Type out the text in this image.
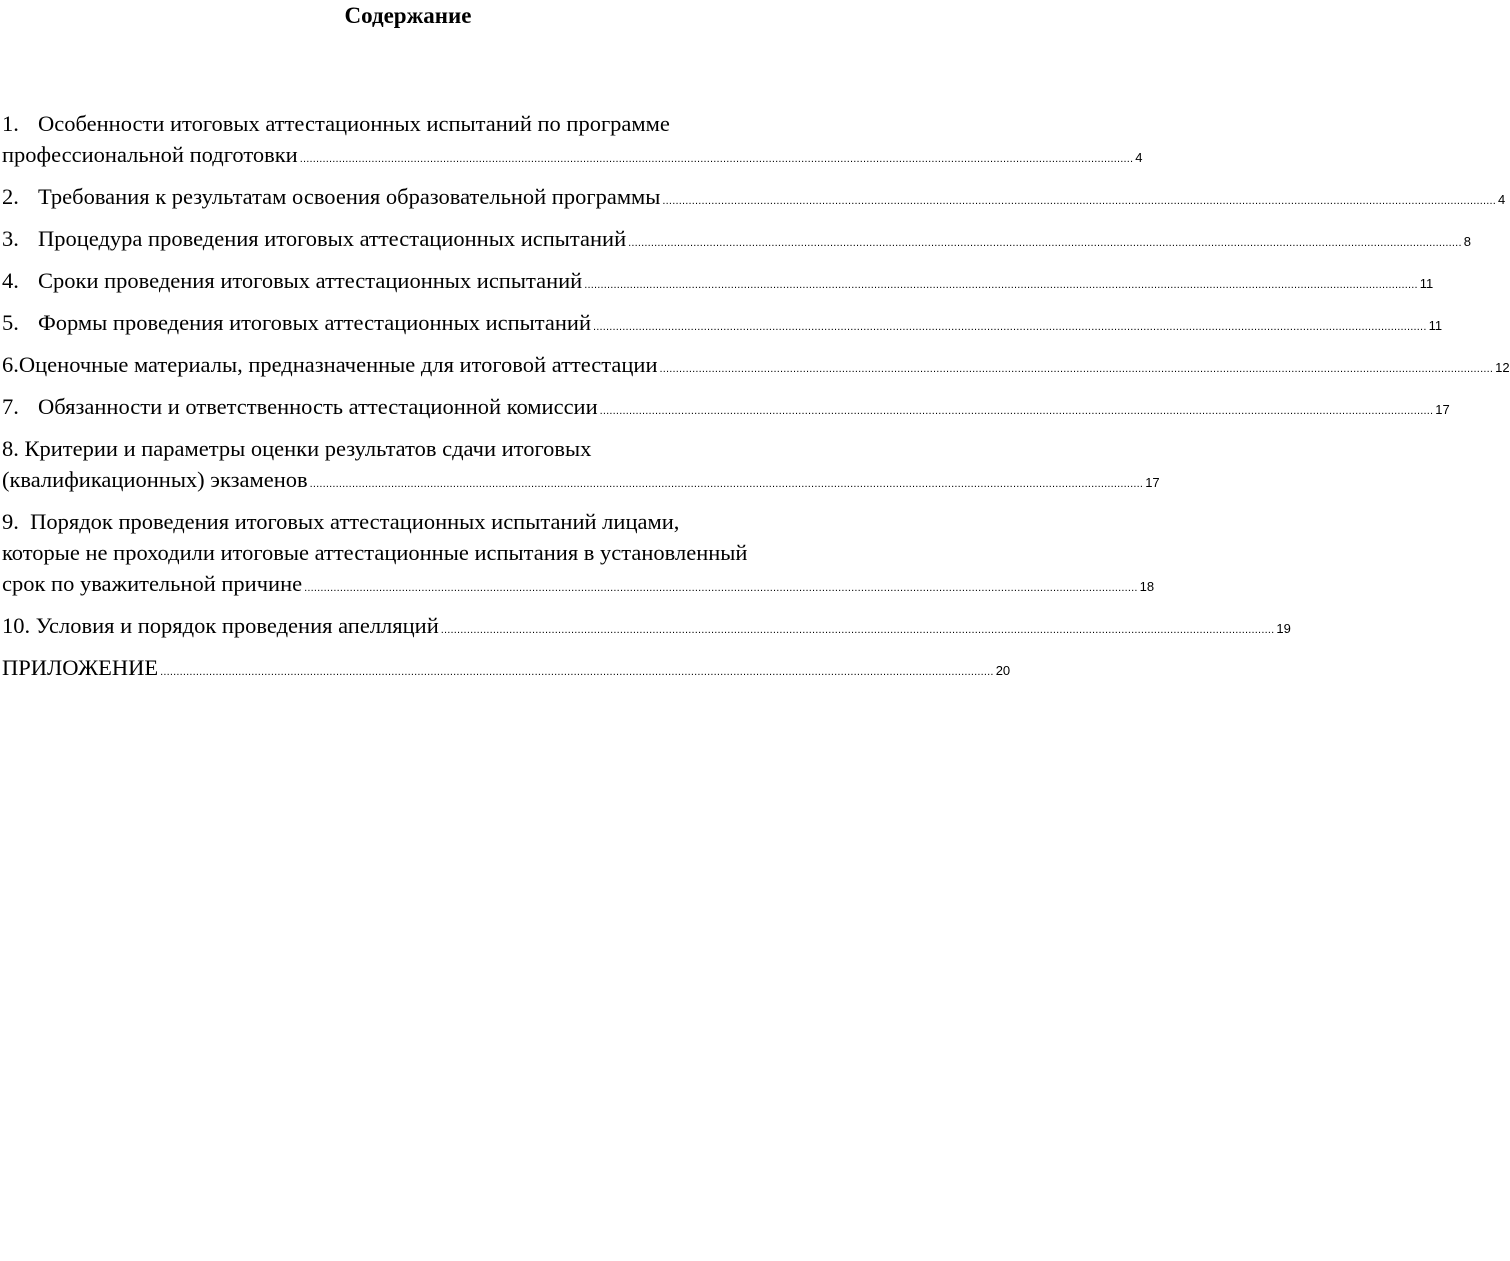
Содержание
1. Особенности итоговых аттестационных испытаний по программе
профессиональной подготовки ................................................................................................................................................................................................................................................................ 4
2. Требования к результатам освоения образовательной программы ................................................................................................................................................................................................................................................................ 4
3. Процедура проведения итоговых аттестационных испытаний ................................................................................................................................................................................................................................................................ 8
4. Сроки проведения итоговых аттестационных испытаний ................................................................................................................................................................................................................................................................ 11
5. Формы проведения итоговых аттестационных испытаний ................................................................................................................................................................................................................................................................ 11
6.Оценочные материалы, предназначенные для итоговой аттестации ................................................................................................................................................................................................................................................................ 12
7. Обязанности и ответственность аттестационной комиссии ................................................................................................................................................................................................................................................................ 17
8. Критерии и параметры оценки результатов сдачи итоговых
(квалификационных) экзаменов ................................................................................................................................................................................................................................................................ 17
9. Порядок проведения итоговых аттестационных испытаний лицами,
которые не проходили итоговые аттестационные испытания в установленный
срок по уважительной причине ................................................................................................................................................................................................................................................................ 18
10. Условия и порядок проведения апелляций ................................................................................................................................................................................................................................................................ 19
ПРИЛОЖЕНИЕ ................................................................................................................................................................................................................................................................ 20
